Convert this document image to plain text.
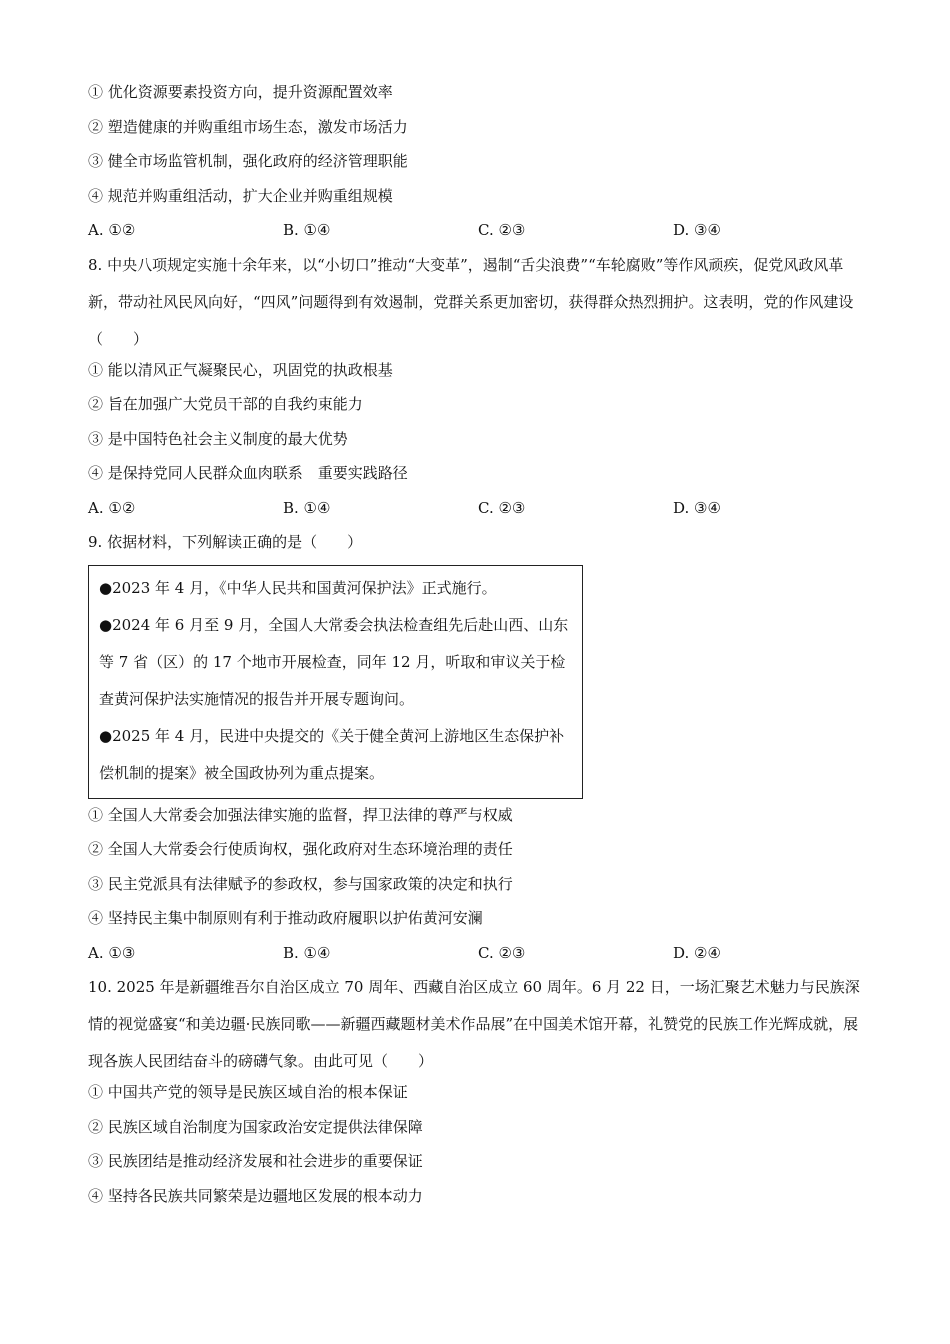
① 优化资源要素投资方向，提升资源配置效率
② 塑造健康的并购重组市场生态，激发市场活力
③ 健全市场监管机制，强化政府的经济管理职能
④ 规范并购重组活动，扩大企业并购重组规模
A. ①②	B. ①④	C. ②③	D. ③④

8. 中央八项规定实施十余年来，以“小切口”推动“大变革”，遏制“舌尖浪费”“车轮腐败”等作风顽疾，促党风政风革新，带动社风民风向好，“四风”问题得到有效遏制，党群关系更加密切，获得群众热烈拥护。这表明，党的作风建设（　　）

① 能以清风正气凝聚民心，巩固党的执政根基
② 旨在加强广大党员干部的自我约束能力
③ 是中国特色社会主义制度的最大优势
④ 是保持党同人民群众血肉联系　重要实践路径
A. ①②	B. ①④	C. ②③	D. ③④
9. 依据材料，下列解读正确的是（　　）

●2023 年 4 月，《中华人民共和国黄河保护法》正式施行。

●2024 年 6 月至 9 月，全国人大常委会执法检查组先后赴山西、山东等 7 省（区）的 17 个地市开展检查，同年 12 月，听取和审议关于检查黄河保护法实施情况的报告并开展专题询问。

●2025 年 4 月，民进中央提交的《关于健全黄河上游地区生态保护补偿机制的提案》被全国政协列为重点提案。

① 全国人大常委会加强法律实施的监督，捍卫法律的尊严与权威
② 全国人大常委会行使质询权，强化政府对生态环境治理的责任
③ 民主党派具有法律赋予的参政权，参与国家政策的决定和执行
④ 坚持民主集中制原则有利于推动政府履职以护佑黄河安澜
A. ①③	B. ①④	C. ②③	D. ②④

10. 2025 年是新疆维吾尔自治区成立 70 周年、西藏自治区成立 60 周年。6 月 22 日，一场汇聚艺术魅力与民族深情的视觉盛宴“和美边疆·民族同歌——新疆西藏题材美术作品展”在中国美术馆开幕，礼赞党的民族工作光辉成就，展现各族人民团结奋斗的磅礴气象。由此可见（　　）

① 中国共产党的领导是民族区域自治的根本保证
② 民族区域自治制度为国家政治安定提供法律保障
③ 民族团结是推动经济发展和社会进步的重要保证
④ 坚持各民族共同繁荣是边疆地区发展的根本动力
